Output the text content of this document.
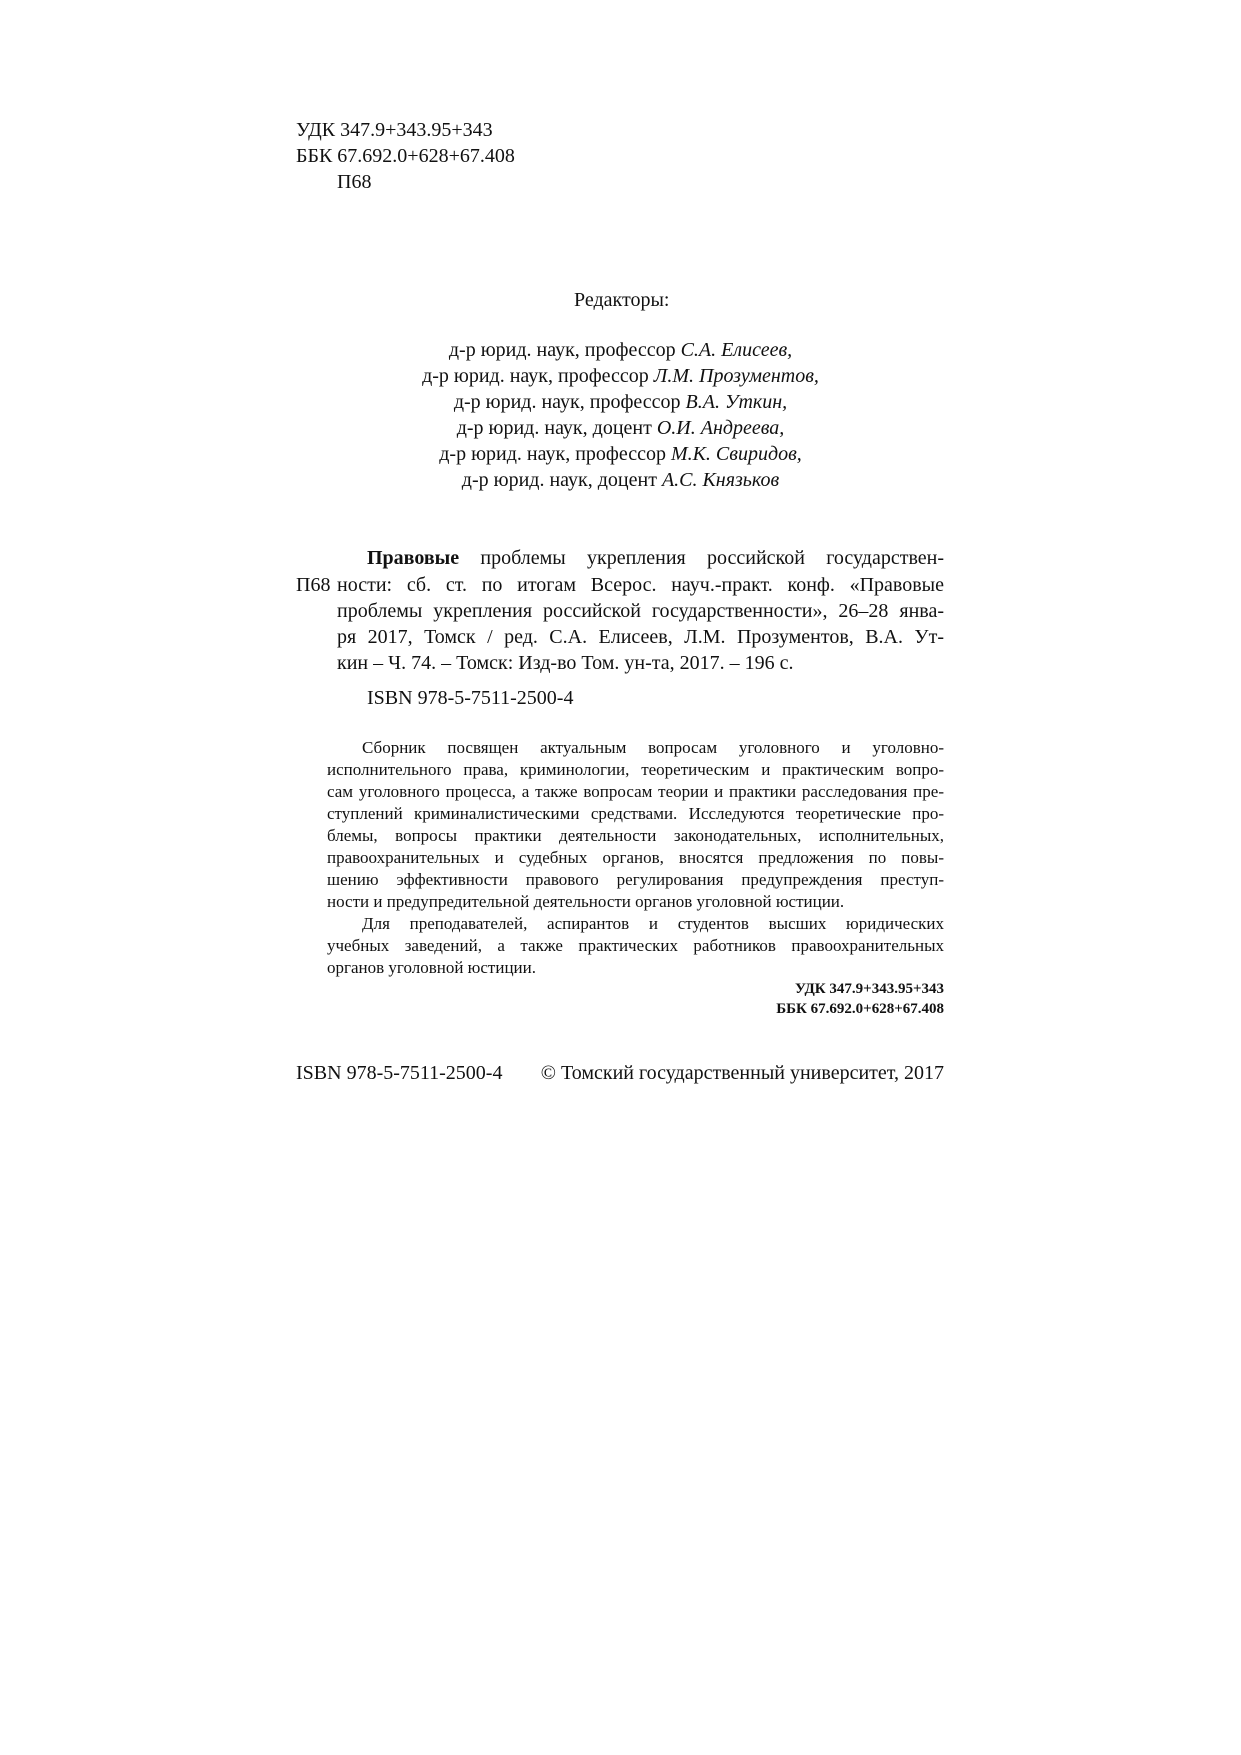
УДК 347.9+343.95+343
ББК 67.692.0+628+67.408
П68
Редакторы:
д-р юрид. наук, профессор С.А. Елисеев,
д-р юрид. наук, профессор Л.М. Прозументов,
д-р юрид. наук, профессор В.А. Уткин,
д-р юрид. наук, доцент О.И. Андреева,
д-р юрид. наук, профессор М.К. Свиридов,
д-р юрид. наук, доцент А.С. Князьков
Правовые проблемы укрепления российской государствен-
П68 ности: сб. ст. по итогам Всерос. науч.-практ. конф. «Правовые
проблемы укрепления российской государственности», 26–28 янва-
ря 2017, Томск / ред. С.А. Елисеев, Л.М. Прозументов, В.А. Ут-
кин – Ч. 74. – Томск: Изд-во Том. ун-та, 2017. – 196 с.
ISBN 978-5-7511-2500-4
Сборник посвящен актуальным вопросам уголовного и уголовно-
исполнительного права, криминологии, теоретическим и практическим вопро-
сам уголовного процесса, а также вопросам теории и практики расследования пре-
ступлений криминалистическими средствами. Исследуются теоретические про-
блемы, вопросы практики деятельности законодательных, исполнительных,
правоохранительных и судебных органов, вносятся предложения по повы-
шению эффективности правового регулирования предупреждения преступ-
ности и предупредительной деятельности органов уголовной юстиции.
Для преподавателей, аспирантов и студентов высших юридических
учебных заведений, а также практических работников правоохранительных
органов уголовной юстиции.
УДК 347.9+343.95+343
ББК 67.692.0+628+67.408
ISBN 978-5-7511-2500-4 © Томский государственный университет, 2017
